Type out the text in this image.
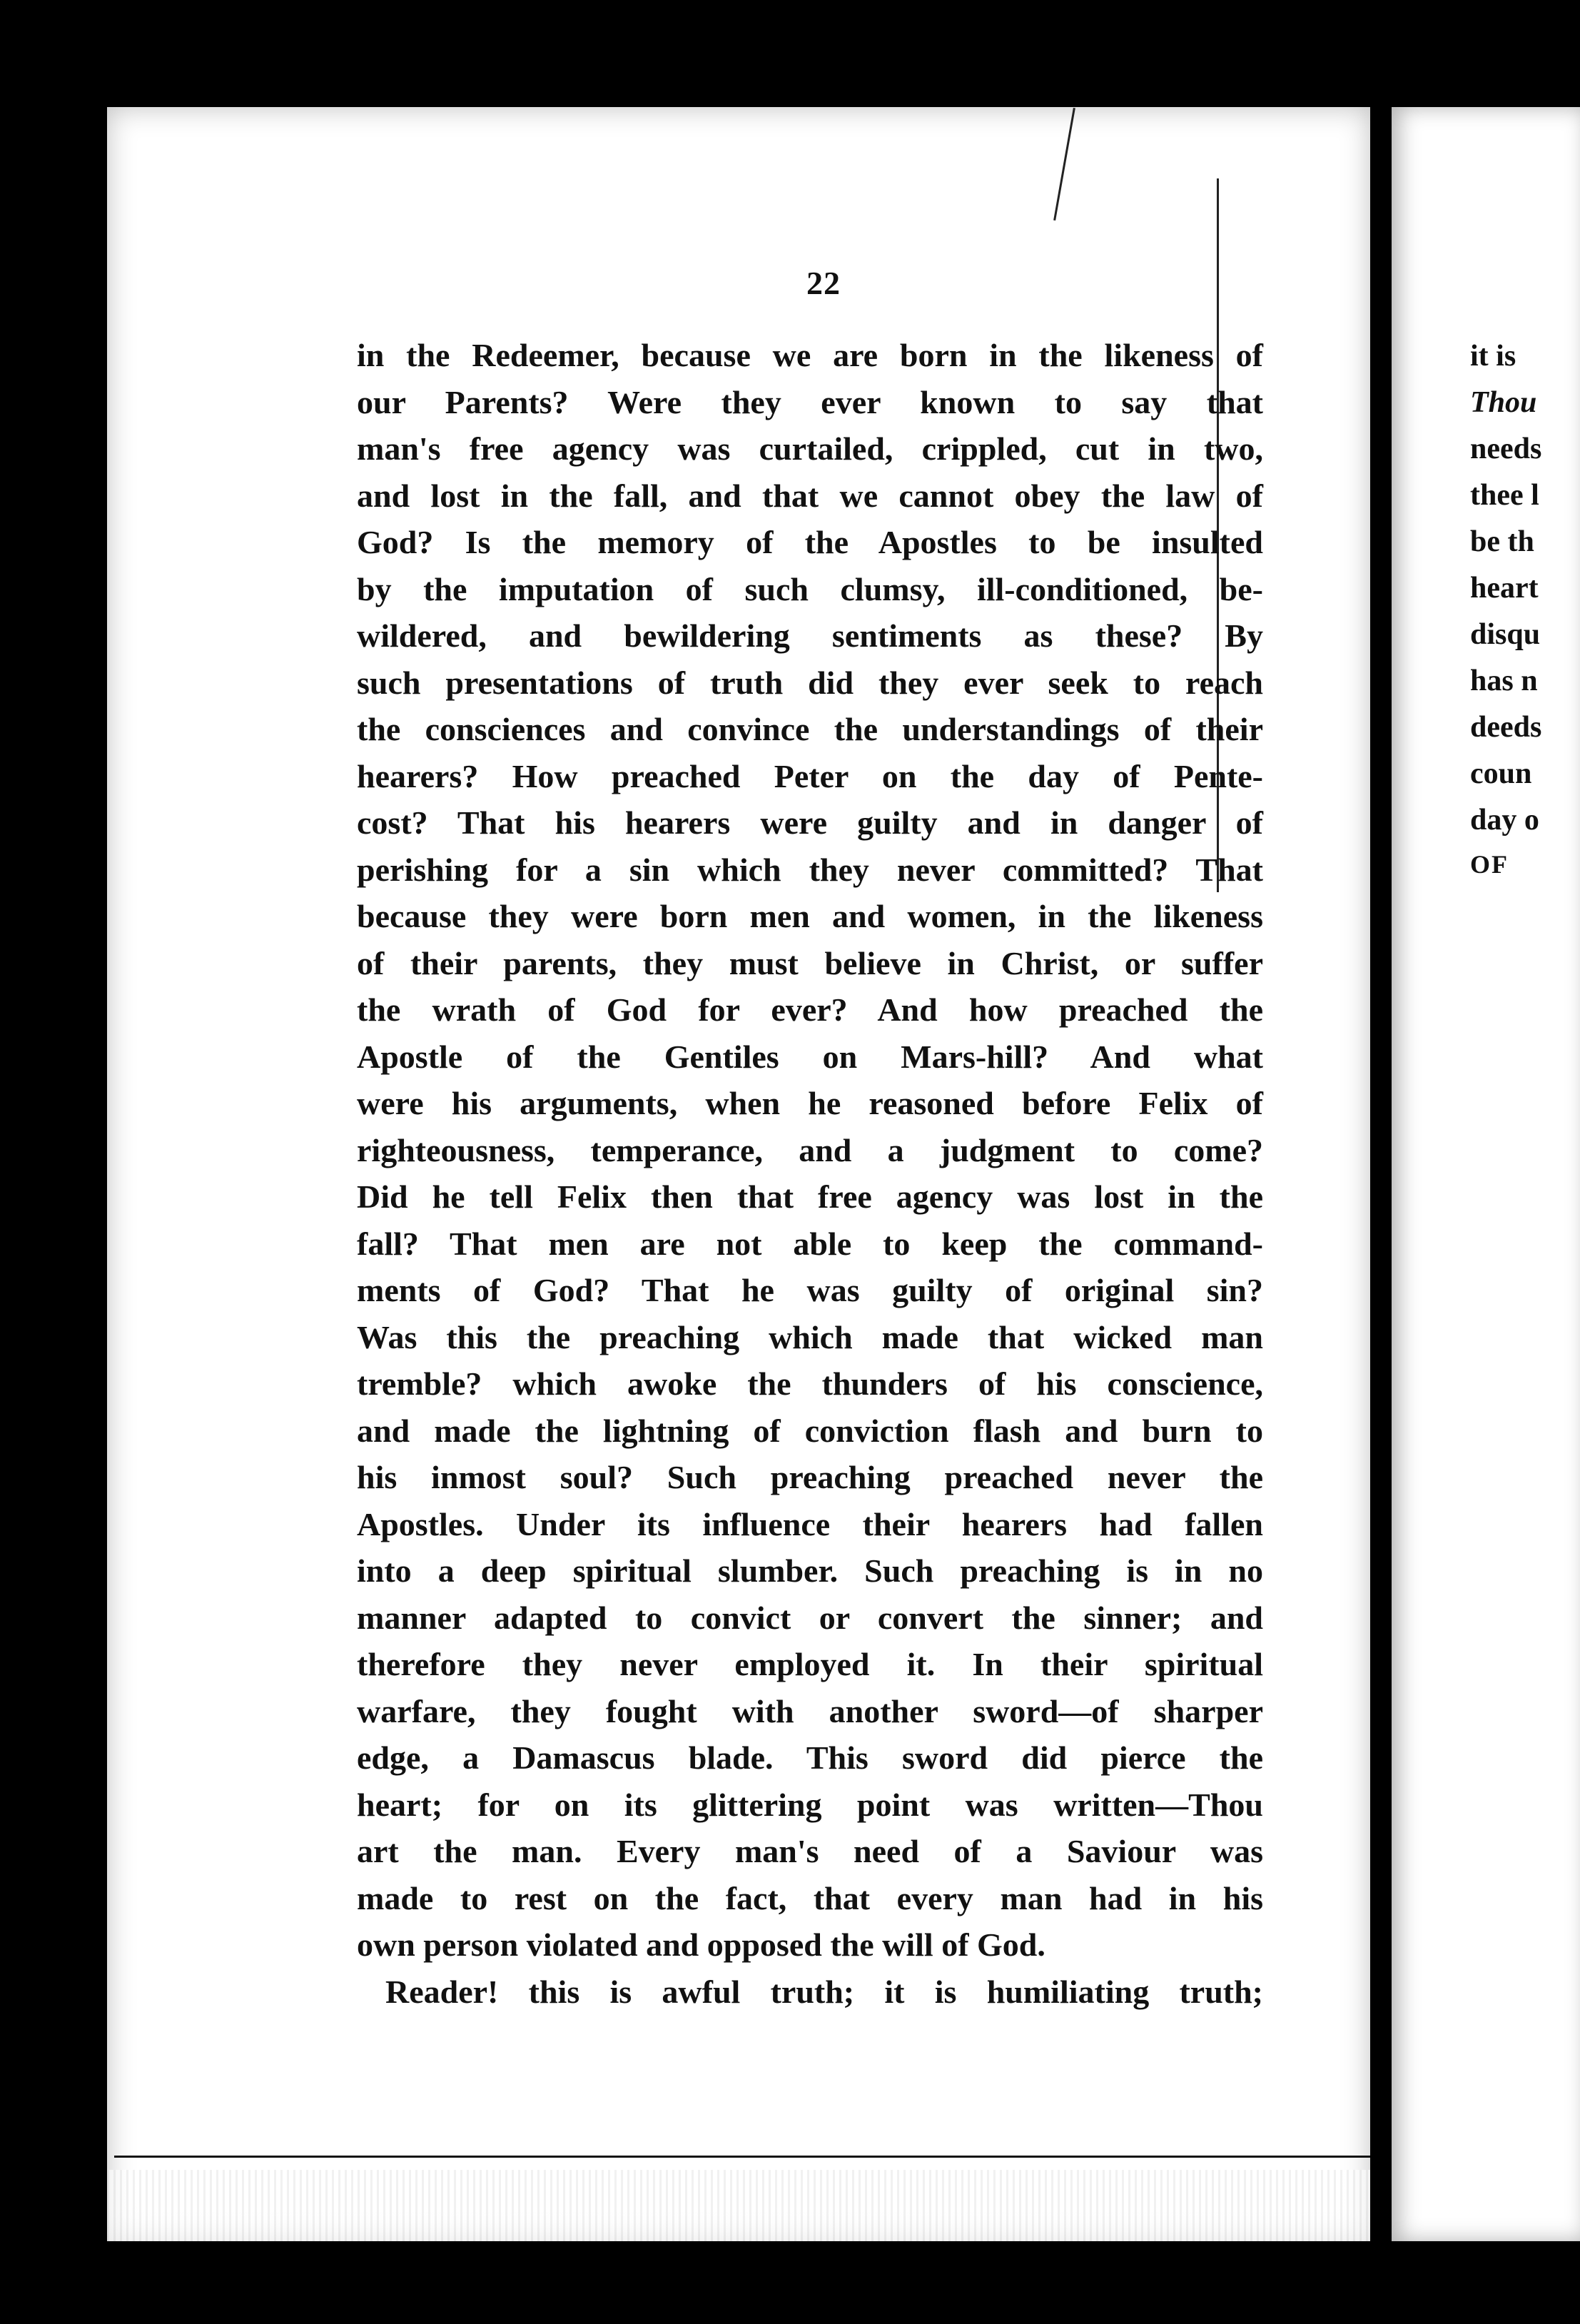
it is
Thou
needs
thee l
be th
heart
disqu
has n
deeds
coun
day o
OF
22
in the Redeemer, because we are born in the likeness of
our Parents? Were they ever known to say that
man's free agency was curtailed, crippled, cut in two,
and lost in the fall, and that we cannot obey the law of
God? Is the memory of the Apostles to be insulted
by the imputation of such clumsy, ill-conditioned, be-
wildered, and bewildering sentiments as these? By
such presentations of truth did they ever seek to reach
the consciences and convince the understandings of their
hearers? How preached Peter on the day of Pente-
cost? That his hearers were guilty and in danger of
perishing for a sin which they never committed? That
because they were born men and women, in the likeness
of their parents, they must believe in Christ, or suffer
the wrath of God for ever? And how preached the
Apostle of the Gentiles on Mars-hill? And what
were his arguments, when he reasoned before Felix of
righteousness, temperance, and a judgment to come?
Did he tell Felix then that free agency was lost in the
fall? That men are not able to keep the command-
ments of God? That he was guilty of original sin?
Was this the preaching which made that wicked man
tremble? which awoke the thunders of his conscience,
and made the lightning of conviction flash and burn to
his inmost soul? Such preaching preached never the
Apostles. Under its influence their hearers had fallen
into a deep spiritual slumber. Such preaching is in no
manner adapted to convict or convert the sinner; and
therefore they never employed it. In their spiritual
warfare, they fought with another sword—of sharper
edge, a Damascus blade. This sword did pierce the
heart; for on its glittering point was written—Thou
art the man. Every man's need of a Saviour was
made to rest on the fact, that every man had in his
own person violated and opposed the will of God.
Reader! this is awful truth; it is humiliating truth;
